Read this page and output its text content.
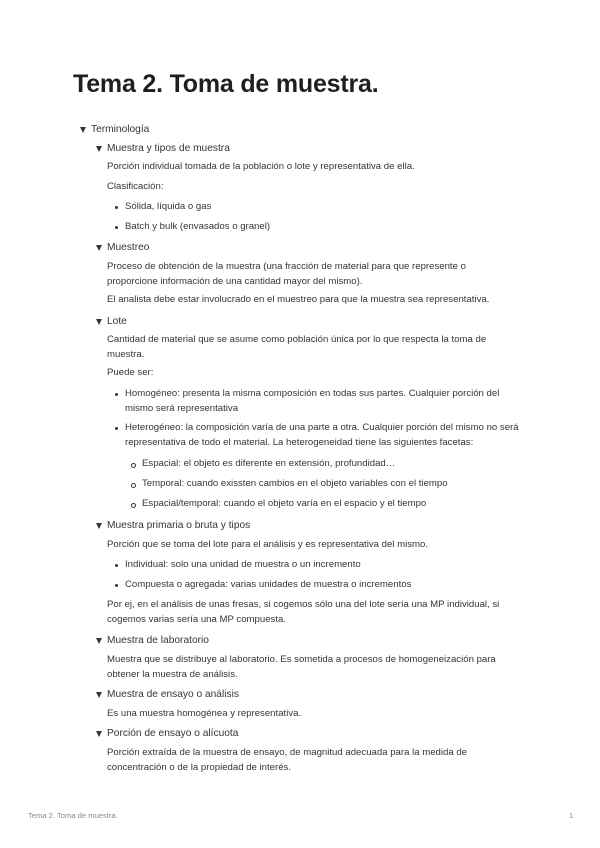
Tema 2. Toma de muestra.
Terminología
Muestra y tipos de muestra

Porción individual tomada de la población o lote y representativa de ella.

Clasificación:

Sólida, líquida o gas
Batch y bulk (envasados o granel)
Muestreo

Proceso de obtención de la muestra (una fracción de material para que represente o proporcione información de una cantidad mayor del mismo).

El analista debe estar involucrado en el muestreo para que la muestra sea representativa.

Lote

Cantidad de material que se asume como población única por lo que respecta la toma de muestra.

Puede ser:

Homogéneo: presenta la misma composición en todas sus partes. Cualquier porción del mismo será representativa
Heterogéneo: la composición varía de una parte a otra. Cualquier porción del mismo no será representativa de todo el material. La heterogeneidad tiene las siguientes facetas:
Espacial: el objeto es diferente en extensión, profundidad…
Temporal: cuando exissten cambios en el objeto variables con el tiempo
Espacial/temporal: cuando el objeto varía en el espacio y el tiempo
Muestra primaria o bruta y tipos

Porción que se toma del lote para el análisis y es representativa del mismo.

Individual: solo una unidad de muestra o un incremento
Compuesta o agregada: varias unidades de muestra o incrementos

Por ej, en el análisis de unas fresas, si cogemos sólo una del lote sería una MP individual, si cogemos varias sería una MP compuesta.

Muestra de laboratorio

Muestra que se distribuye al laboratorio. Es sometida a procesos de homogeneización para obtener la muestra de análisis.

Muestra de ensayo o análisis

Es una muestra homogénea y representativa.

Porción de ensayo o alícuota

Porción extraída de la muestra de ensayo, de magnitud adecuada para la medida de concentración o de la propiedad de interés.

Tema 2. Toma de muestra.	1
